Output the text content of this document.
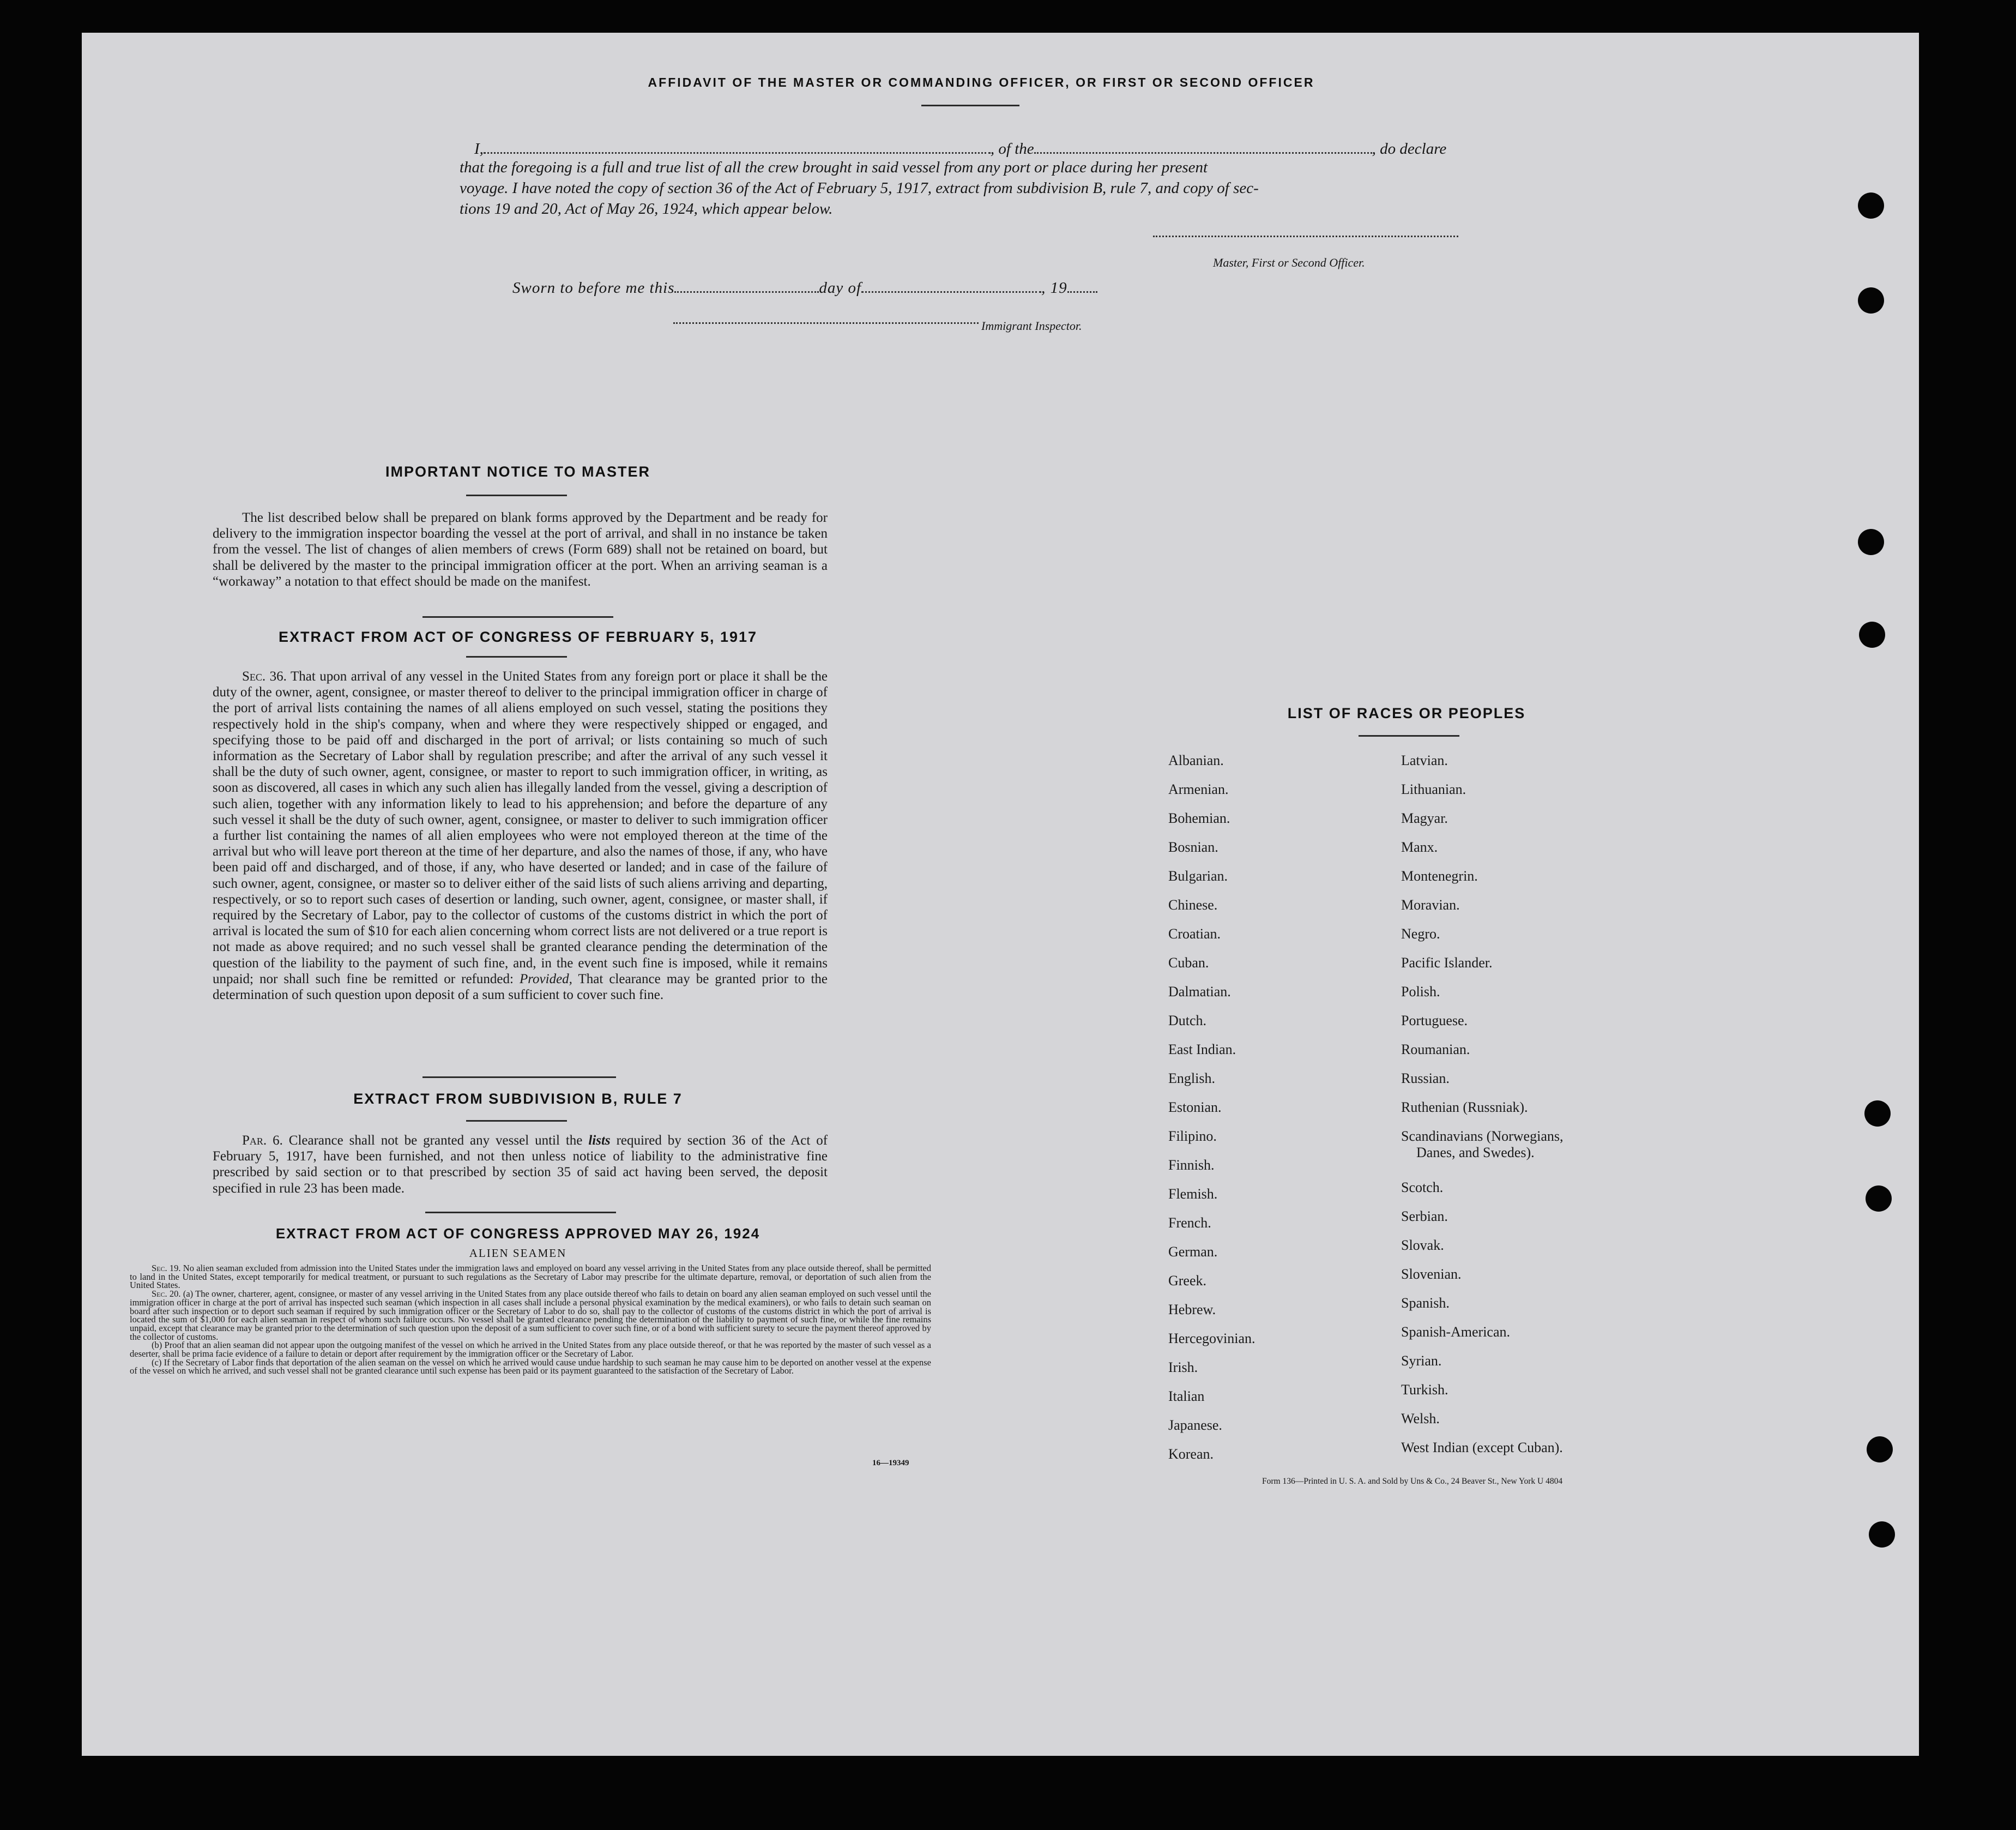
AFFIDAVIT OF THE MASTER OR COMMANDING OFFICER, OR FIRST OR SECOND OFFICER
I,	, of the	, do declare
that the foregoing is a full and true list of all the crew brought in said vessel from any port or place during her present
voyage. I have noted the copy of section 36 of the Act of February 5, 1917, extract from subdivision B, rule 7, and copy of sec-
tions 19 and 20, Act of May 26, 1924, which appear below.
Master, First or Second Officer.
Sworn to before me this	day of	, 19
Immigrant Inspector.
IMPORTANT NOTICE TO MASTER

The list described below shall be prepared on blank forms approved by the Department and be ready for delivery to the immigration inspector boarding the vessel at the port of arrival, and shall in no instance be taken from the vessel. The list of changes of alien members of crews (Form 689) shall not be retained on board, but shall be delivered by the master to the principal immigration officer at the port. When an arriving seaman is a “workaway” a notation to that effect should be made on the manifest.

EXTRACT FROM ACT OF CONGRESS OF FEBRUARY 5, 1917

Sec. 36. That upon arrival of any vessel in the United States from any foreign port or place it shall be the duty of the owner, agent, consignee, or master thereof to deliver to the principal immigration officer in charge of the port of arrival lists containing the names of all aliens employed on such vessel, stating the positions they respectively hold in the ship's company, when and where they were respectively shipped or engaged, and specifying those to be paid off and discharged in the port of arrival; or lists containing so much of such information as the Secretary of Labor shall by regulation prescribe; and after the arrival of any such vessel it shall be the duty of such owner, agent, consignee, or master to report to such immigration officer, in writing, as soon as discovered, all cases in which any such alien has illegally landed from the vessel, giving a description of such alien, together with any information likely to lead to his apprehension; and before the departure of any such vessel it shall be the duty of such owner, agent, consignee, or master to deliver to such immigration officer a further list containing the names of all alien employees who were not employed thereon at the time of the arrival but who will leave port thereon at the time of her departure, and also the names of those, if any, who have been paid off and discharged, and of those, if any, who have deserted or landed; and in case of the failure of such owner, agent, consignee, or master so to deliver either of the said lists of such aliens arriving and departing, respectively, or so to report such cases of desertion or landing, such owner, agent, consignee, or master shall, if required by the Secretary of Labor, pay to the collector of customs of the customs district in which the port of arrival is located the sum of $10 for each alien concerning whom correct lists are not delivered or a true report is not made as above required; and no such vessel shall be granted clearance pending the determination of the question of the liability to the payment of such fine, and, in the event such fine is imposed, while it remains unpaid; nor shall such fine be remitted or refunded: Provided, That clearance may be granted prior to the determination of such question upon deposit of a sum sufficient to cover such fine.

EXTRACT FROM SUBDIVISION B, RULE 7

Par. 6. Clearance shall not be granted any vessel until the lists required by section 36 of the Act of February 5, 1917, have been furnished, and not then unless notice of liability to the administrative fine prescribed by said section or to that prescribed by section 35 of said act having been served, the deposit specified in rule 23 has been made.

EXTRACT FROM ACT OF CONGRESS APPROVED MAY 26, 1924
ALIEN SEAMEN

Sec. 19. No alien seaman excluded from admission into the United States under the immigration laws and employed on board any vessel arriving in the United States from any place outside thereof, shall be permitted to land in the United States, except temporarily for medical treatment, or pursuant to such regulations as the Secretary of Labor may prescribe for the ultimate departure, removal, or deportation of such alien from the United States.

Sec. 20. (a) The owner, charterer, agent, consignee, or master of any vessel arriving in the United States from any place outside thereof who fails to detain on board any alien seaman employed on such vessel until the immigration officer in charge at the port of arrival has inspected such seaman (which inspection in all cases shall include a personal physical examination by the medical examiners), or who fails to detain such seaman on board after such inspection or to deport such seaman if required by such immigration officer or the Secretary of Labor to do so, shall pay to the collector of customs of the customs district in which the port of arrival is located the sum of $1,000 for each alien seaman in respect of whom such failure occurs. No vessel shall be granted clearance pending the determination of the liability to payment of such fine, or while the fine remains unpaid, except that clearance may be granted prior to the determination of such question upon the deposit of a sum sufficient to cover such fine, or of a bond with sufficient surety to secure the payment thereof approved by the collector of customs.

(b) Proof that an alien seaman did not appear upon the outgoing manifest of the vessel on which he arrived in the United States from any place outside thereof, or that he was reported by the master of such vessel as a deserter, shall be prima facie evidence of a failure to detain or deport after requirement by the immigration officer or the Secretary of Labor.

(c) If the Secretary of Labor finds that deportation of the alien seaman on the vessel on which he arrived would cause undue hardship to such seaman he may cause him to be deported on another vessel at the expense of the vessel on which he arrived, and such vessel shall not be granted clearance until such expense has been paid or its payment guaranteed to the satisfaction of the Secretary of Labor.

16—19349
LIST OF RACES OR PEOPLES
Albanian.
Armenian.
Bohemian.
Bosnian.
Bulgarian.
Chinese.
Croatian.
Cuban.
Dalmatian.
Dutch.
East Indian.
English.
Estonian.
Filipino.
Finnish.
Flemish.
French.
German.
Greek.
Hebrew.
Hercegovinian.
Irish.
Italian
Japanese.
Korean.
Latvian.
Lithuanian.
Magyar.
Manx.
Montenegrin.
Moravian.
Negro.
Pacific Islander.
Polish.
Portuguese.
Roumanian.
Russian.
Ruthenian (Russniak).
Scandinavians (Norwegians,
Danes, and Swedes).
Scotch.
Serbian.
Slovak.
Slovenian.
Spanish.
Spanish-American.
Syrian.
Turkish.
Welsh.
West Indian (except Cuban).
Form 136—Printed in U. S. A. and Sold by Uns & Co., 24 Beaver St., New York U 4804
